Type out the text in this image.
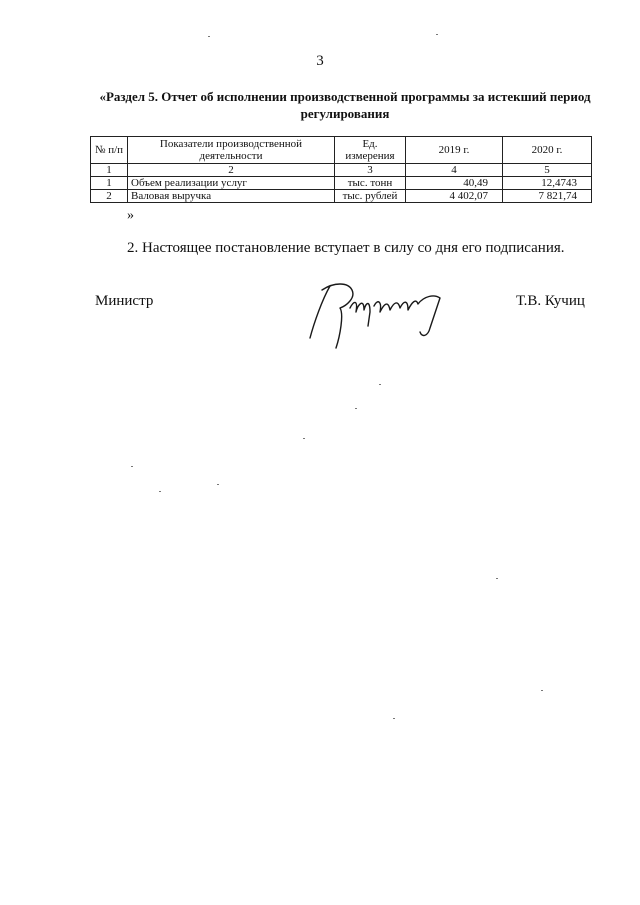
3
«Раздел 5. Отчет об исполнении производственной программы за истекший период регулирования
№ п/п	Показатели производственной деятельности	Ед. измерения	2019 г.	2020 г.
1	2	3	4	5
1	Объем реализации услуг	тыс. тонн	40,49	12,4743
2	Валовая выручка	тыс. рублей	4 402,07	7 821,74
»
2. Настоящее постановление вступает в силу со дня его подписания.
Министр	Т.В. Кучиц
